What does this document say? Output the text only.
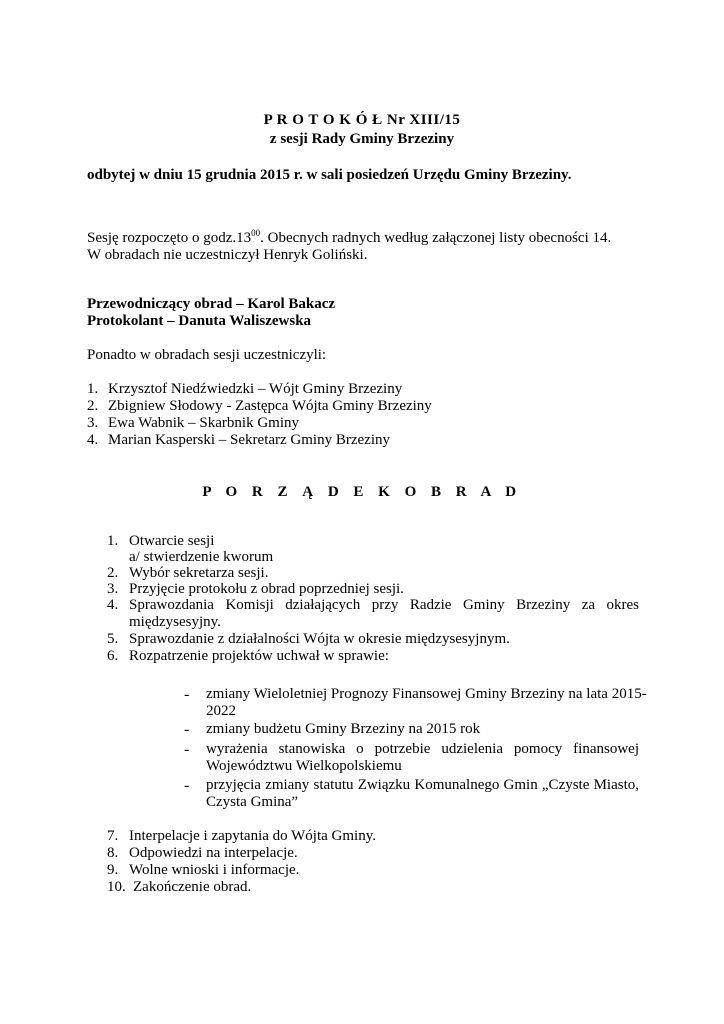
P R O T O K Ó Ł Nr XIII/15
z sesji Rady Gminy Brzeziny
odbytej w dniu 15 grudnia 2015 r. w sali posiedzeń Urzędu Gminy Brzeziny.
Sesję rozpoczęto o $godz.13^{00}$. Obecnych radnych według załączonej listy obecności 14.
W obradach nie uczestniczył Henryk Goliński.
Przewodniczący obrad – Karol Bakacz
Protokolant – Danuta Waliszewska
Ponadto w obradach sesji uczestniczyli:
1. Krzysztof Niedźwiedzki – Wójt Gminy Brzeziny
2. Zbigniew Słodowy - Zastępca Wójta Gminy Brzeziny
3. Ewa Wabnik – Skarbnik Gminy
4. Marian Kasperski – Sekretarz Gminy Brzeziny
P O R Z Ą D E K O B R A D
1. Otwarcie sesji
a/ stwierdzenie kworum
2. Wybór sekretarza sesji.
3. Przyjęcie protokołu z obrad poprzedniej sesji.
4. Sprawozdania Komisji działających przy Radzie Gminy Brzeziny za okres
międzysesyjny.
5. Sprawozdanie z działalności Wójta w okresie międzysesyjnym.
6. Rozpatrzenie projektów uchwał w sprawie:
- zmiany Wieloletniej Prognozy Finansowej Gminy Brzeziny na lata 2015-
2022
- zmiany budżetu Gminy Brzeziny na 2015 rok
- wyrażenia stanowiska o potrzebie udzielenia pomocy finansowej
Województwu Wielkopolskiemu
- przyjęcia zmiany statutu Związku Komunalnego Gmin „Czyste Miasto,
Czysta Gmina”
7. Interpelacje i zapytania do Wójta Gminy.
8. Odpowiedzi na interpelacje.
9. Wolne wnioski i informacje.
10. Zakończenie obrad.
